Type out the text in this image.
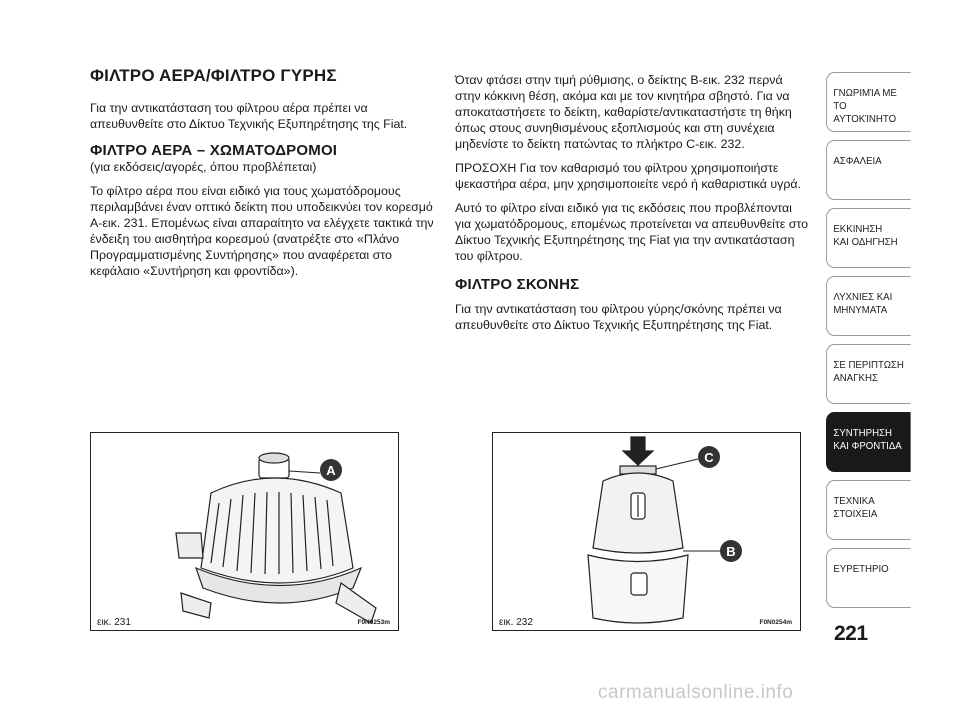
ΦΙΛΤΡΟ ΑΕΡΑ/ΦΙΛΤΡΟ ΓΥΡΗΣ

Για την αντικατάσταση του φίλτρου αέρα πρέπει να απευθυνθείτε στο Δίκτυο Τεχνικής Εξυπηρέτησης της Fiat.

ΦΙΛΤΡΟ ΑΕΡΑ – ΧΩΜΑΤΟΔΡΟΜΟΙ

(για εκδόσεις/αγορές, όπου προβλέπεται)

Το φίλτρο αέρα που είναι ειδικό για τους χωματόδρομους περιλαμβάνει έναν οπτικό δείκτη που υποδεικνύει τον κορεσμό A-εικ. 231. Επομένως είναι απαραίτητο να ελέγχετε τακτικά την ένδειξη του αισθητήρα κορεσμού (ανατρέξτε στο «Πλάνο Προγραμματισμένης Συντήρησης» που αναφέρεται στο κεφάλαιο «Συντήρηση και φροντίδα»).

Όταν φτάσει στην τιμή ρύθμισης, ο δείκτης B-εικ. 232 περνά στην κόκκινη θέση, ακόμα και με τον κινητήρα σβηστό. Για να αποκαταστήσετε το δείκτη, καθαρίστε/αντικαταστήστε τη θήκη όπως στους συνηθισμένους εξοπλισμούς και στη συνέχεια μηδενίστε το δείκτη πατώντας το πλήκτρο C-εικ. 232.

ΠΡΟΣΟΧΗ Για τον καθαρισμό του φίλτρου χρησιμοποιήστε ψεκαστήρα αέρα, μην χρησιμοποιείτε νερό ή καθαριστικά υγρά.

Αυτό το φίλτρο είναι ειδικό για τις εκδόσεις που προβλέπονται για χωματόδρομους, επομένως προτείνεται να απευθυνθείτε στο Δίκτυο Τεχνικής Εξυπηρέτησης της Fiat για την αντικατάσταση του φίλτρου.

ΦΙΛΤΡΟ ΣΚΟΝΗΣ

Για την αντικατάσταση του φίλτρου γύρης/σκόνης πρέπει να απευθυνθείτε στο Δίκτυο Τεχνικής Εξυπηρέτησης της Fiat.

A
εικ. 231	F0N0253m
C
B
εικ. 232	F0N0254m
ΓΝΩΡΙΜΊΑ ΜΕ
ΤΟ ΑΥΤΟΚΊΝΗΤΟ
ΑΣΦΑΛΕΙΑ
ΕΚΚΙΝΗΣΗ
ΚΑΙ ΟΔΗΓΗΣΗ
ΛΥΧΝΙΕΣ ΚΑΙ
ΜΗΝΥΜΑΤΑ
ΣΕ ΠΕΡΙΠΤΩΣΗ
ΑΝΑΓΚΗΣ
ΣΥΝΤΗΡΗΣΗ
ΚΑΙ ΦΡΟΝΤΙΔΑ
ΤΕΧΝΙΚΑ
ΣΤΟΙΧΕΙΑ
ΕΥΡΕΤΗΡΙΟ
221
carmanualsonline.info
